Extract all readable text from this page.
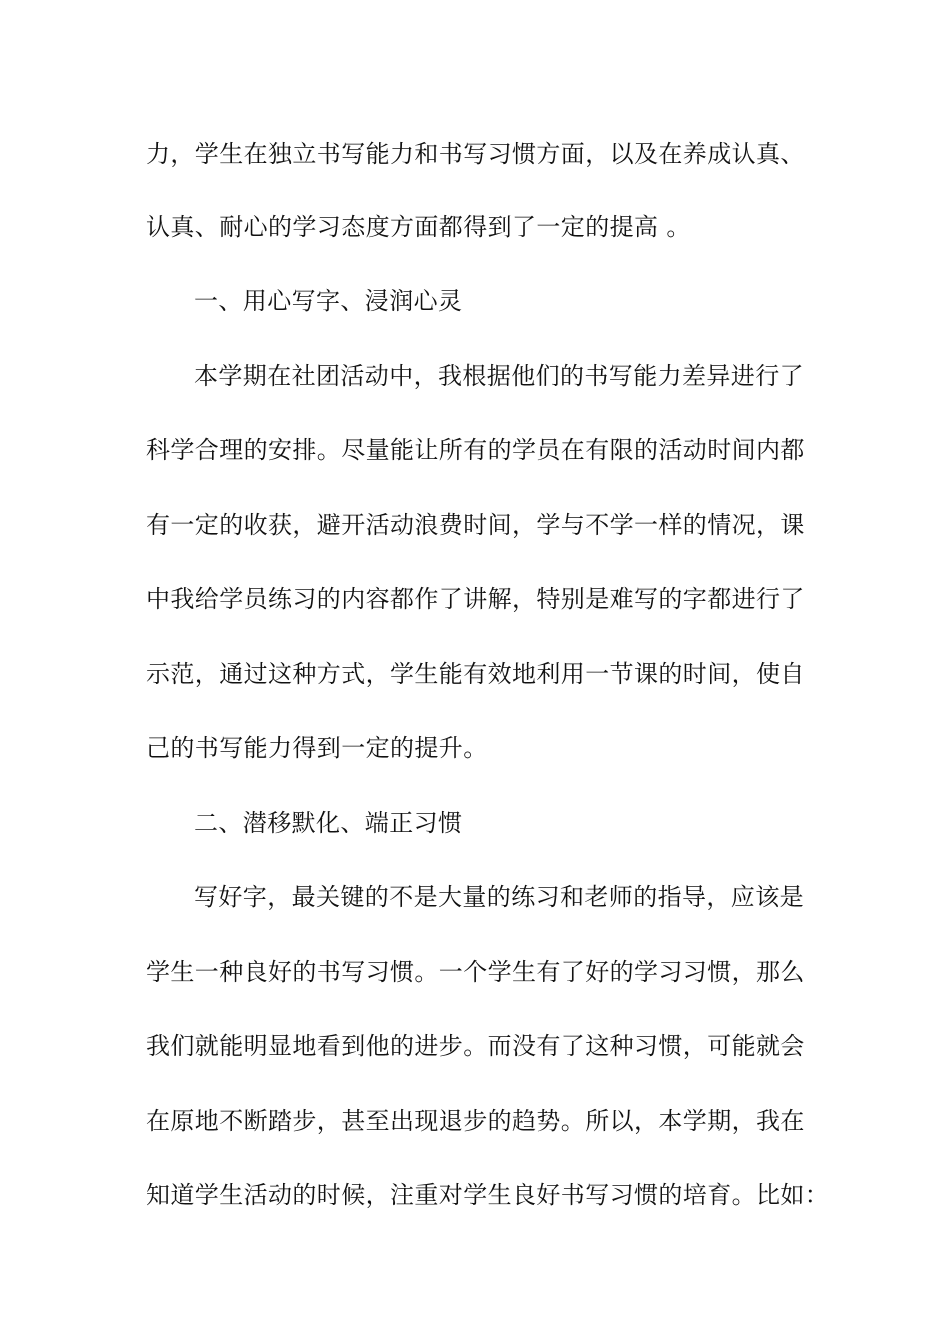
力，学生在独立书写能力和书写习惯方面，以及在养成认真、
认真、耐心的学习态度方面都得到了一定的提高 。
一、用心写字、浸润心灵
本学期在社团活动中，我根据他们的书写能力差异进行了
科学合理的安排。尽量能让所有的学员在有限的活动时间内都
有一定的收获，避开活动浪费时间，学与不学一样的情况，课
中我给学员练习的内容都作了讲解，特别是难写的字都进行了
示范，通过这种方式，学生能有效地利用一节课的时间，使自
己的书写能力得到一定的提升。
二、潜移默化、端正习惯
写好字，最关键的不是大量的练习和老师的指导，应该是
学生一种良好的书写习惯。一个学生有了好的学习习惯，那么
我们就能明显地看到他的进步。而没有了这种习惯，可能就会
在原地不断踏步，甚至出现退步的趋势。所以，本学期，我在
知道学生活动的时候，注重对学生良好书写习惯的培育。比如：
